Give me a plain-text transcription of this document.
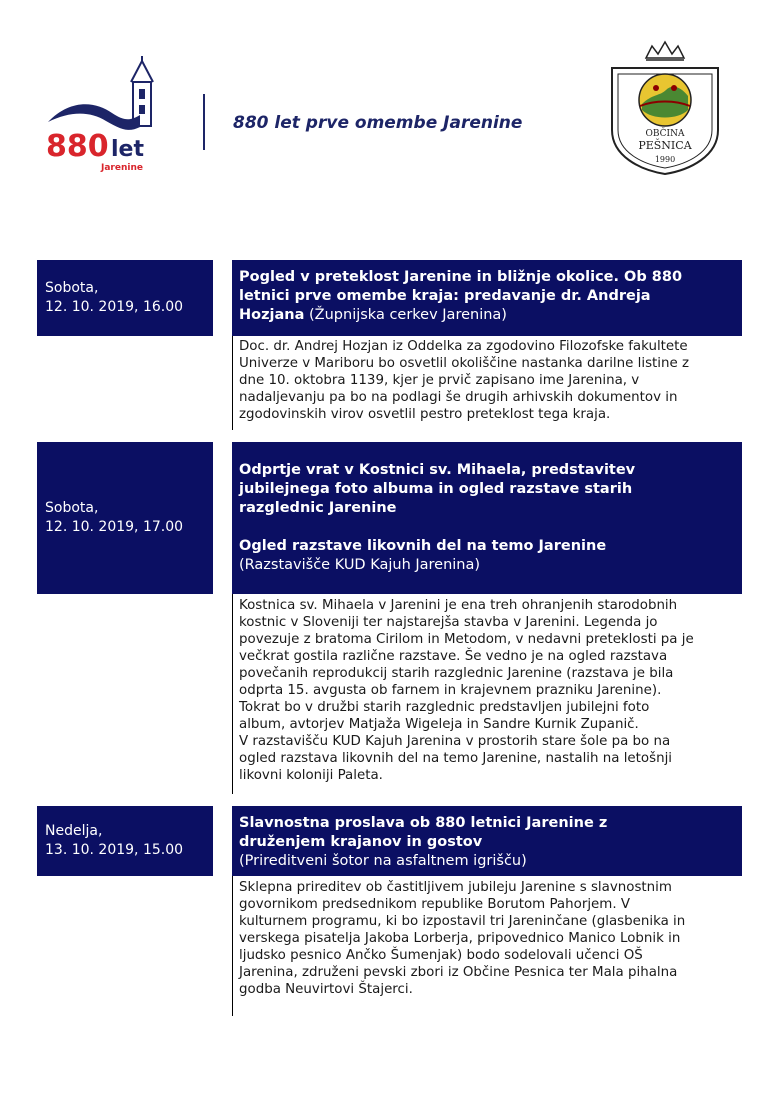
880 let
Jarenine
880 let prve omembe Jarenine
OBČINA
PEŠNICA
1990
Sobota,
12. 10. 2019, 16.00
Pogled v preteklost Jarenine in bližnje okolice. Ob 880
letnici prve omembe kraja: predavanje dr. Andreja
Hozjana (Župnijska cerkev Jarenina)
Doc. dr. Andrej Hozjan iz Oddelka za zgodovino Filozofske fakultete
Univerze v Mariboru bo osvetlil okoliščine nastanka darilne listine z
dne 10. oktobra 1139, kjer je prvič zapisano ime Jarenina, v
nadaljevanju pa bo na podlagi še drugih arhivskih dokumentov in
zgodovinskih virov osvetlil pestro preteklost tega kraja.
Sobota,
12. 10. 2019, 17.00
Odprtje vrat v Kostnici sv. Mihaela, predstavitev
jubilejnega foto albuma in ogled razstave starih
razglednic Jarenine
Ogled razstave likovnih del na temo Jarenine
(Razstavišče KUD Kajuh Jarenina)
Kostnica sv. Mihaela v Jarenini je ena treh ohranjenih starodobnih
kostnic v Sloveniji ter najstarejša stavba v Jarenini. Legenda jo
povezuje z bratoma Cirilom in Metodom, v nedavni preteklosti pa je
večkrat gostila različne razstave. Še vedno je na ogled razstava
povečanih reprodukcij starih razglednic Jarenine (razstava je bila
odprta 15. avgusta ob farnem in krajevnem prazniku Jarenine).
Tokrat bo v družbi starih razglednic predstavljen jubilejni foto
album, avtorjev Matjaža Wigeleja in Sandre Kurnik Zupanič.
V razstavišču KUD Kajuh Jarenina v prostorih stare šole pa bo na
ogled razstava likovnih del na temo Jarenine, nastalih na letošnji
likovni koloniji Paleta.
Nedelja,
13. 10. 2019, 15.00
Slavnostna proslava ob 880 letnici Jarenine z
druženjem krajanov in gostov
(Prireditveni šotor na asfaltnem igrišču)
Sklepna prireditev ob častitljivem jubileju Jarenine s slavnostnim
govornikom predsednikom republike Borutom Pahorjem. V
kulturnem programu, ki bo izpostavil tri Jareninčane (glasbenika in
verskega pisatelja Jakoba Lorberja, pripovednico Manico Lobnik in
ljudsko pesnico Ančko Šumenjak) bodo sodelovali učenci OŠ
Jarenina, združeni pevski zbori iz Občine Pesnica ter Mala pihalna
godba Neuvirtovi Štajerci.
